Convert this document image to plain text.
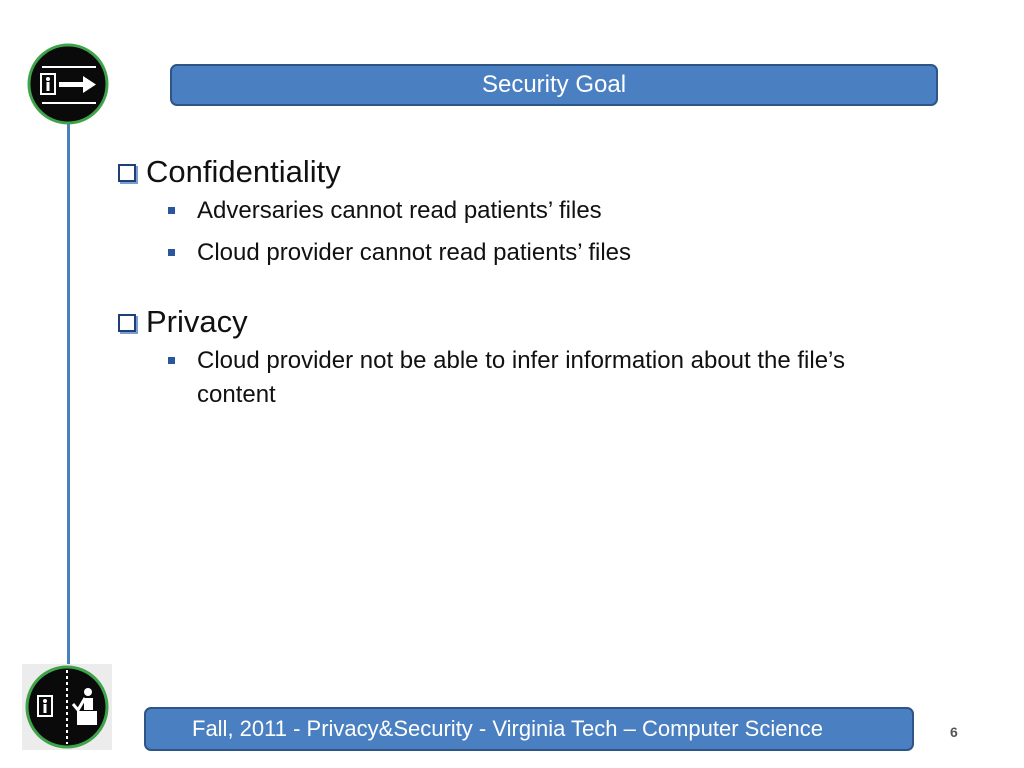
Security Goal
Confidentiality
Adversaries cannot read patients’ files
Cloud provider cannot read patients’ files
Privacy
Cloud provider not be able to infer information about the file’s content
Fall, 2011 - Privacy&Security - Virginia Tech – Computer Science	6
